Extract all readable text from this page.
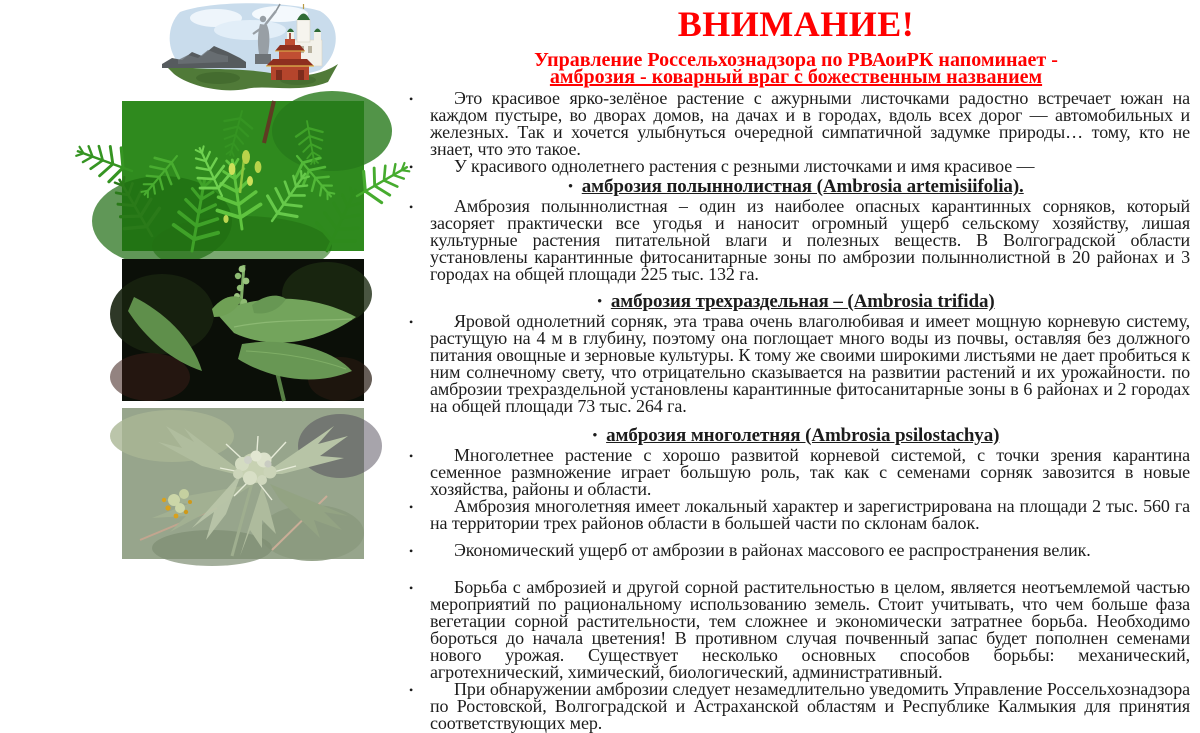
ВНИМАНИЕ!
Управление Россельхознадзора по РВАоиРК напоминает -
амброзия - коварный враг с божественным названием
•	Это красивое ярко-зелёное растение с ажурными листочками радостно встречает южан на каждом пустыре, во дворах домов, на дачах и в городах, вдоль всех дорог — автомобильных и железных. Так и хочется улыбнуться очередной симпатичной задумке природы… тому, кто не знает, что это такое.
•	У красивого однолетнего растения с резными листочками и имя красивое —
• амброзия полыннолистная (Ambrosia artemisiifolia).
•	Амброзия полыннолистная – один из наиболее опасных карантинных сорняков, который засоряет практически все угодья и наносит огромный ущерб сельскому хозяйству, лишая культурные растения питательной влаги и полезных веществ. В Волгоградской области установлены карантинные фитосанитарные зоны по амброзии полыннолистной в 20 районах и 3 городах на общей площади 225 тыс. 132 га.
• амброзия трехраздельная – (Ambrosia trifida)
•	Яровой однолетний сорняк, эта трава очень влаголюбивая и имеет мощную корневую систему, растущую на 4 м в глубину, поэтому она поглощает много воды из почвы, оставляя без должного питания овощные и зерновые культуры. К тому же своими широкими листьями не дает пробиться к ним солнечному свету, что отрицательно сказывается на развитии растений и их урожайности. по амброзии трехраздельной установлены карантинные фитосанитарные зоны в 6 районах и 2 городах на общей площади 73 тыс. 264 га.
• амброзия многолетняя (Ambrosia psilostachya)
•	Многолетнее растение с хорошо развитой корневой системой, с точки зрения карантина семенное размножение играет большую роль, так как с семенами сорняк завозится в новые хозяйства, районы и области.
•	Амброзия многолетняя имеет локальный характер и зарегистрирована на площади 2 тыс. 560 га на территории трех районов области в большей части по склонам балок.
•	Экономический ущерб от амброзии в районах массового ее распространения велик.
•	Борьба с амброзией и другой сорной растительностью в целом, является неотъемлемой частью мероприятий по рациональному использованию земель. Стоит учитывать, что чем больше фаза вегетации сорной растительности, тем сложнее и экономически затратнее борьба. Необходимо бороться до начала цветения! В противном случая почвенный запас будет пополнен семенами нового урожая. Существует несколько основных способов борьбы: механический, агротехнический, химический, биологический, административный.
•	При обнаружении амброзии следует незамедлительно уведомить Управление Россельхознадзора по Ростовской, Волгоградской и Астраханской областям и Республике Калмыкия для принятия соответствующих мер.
